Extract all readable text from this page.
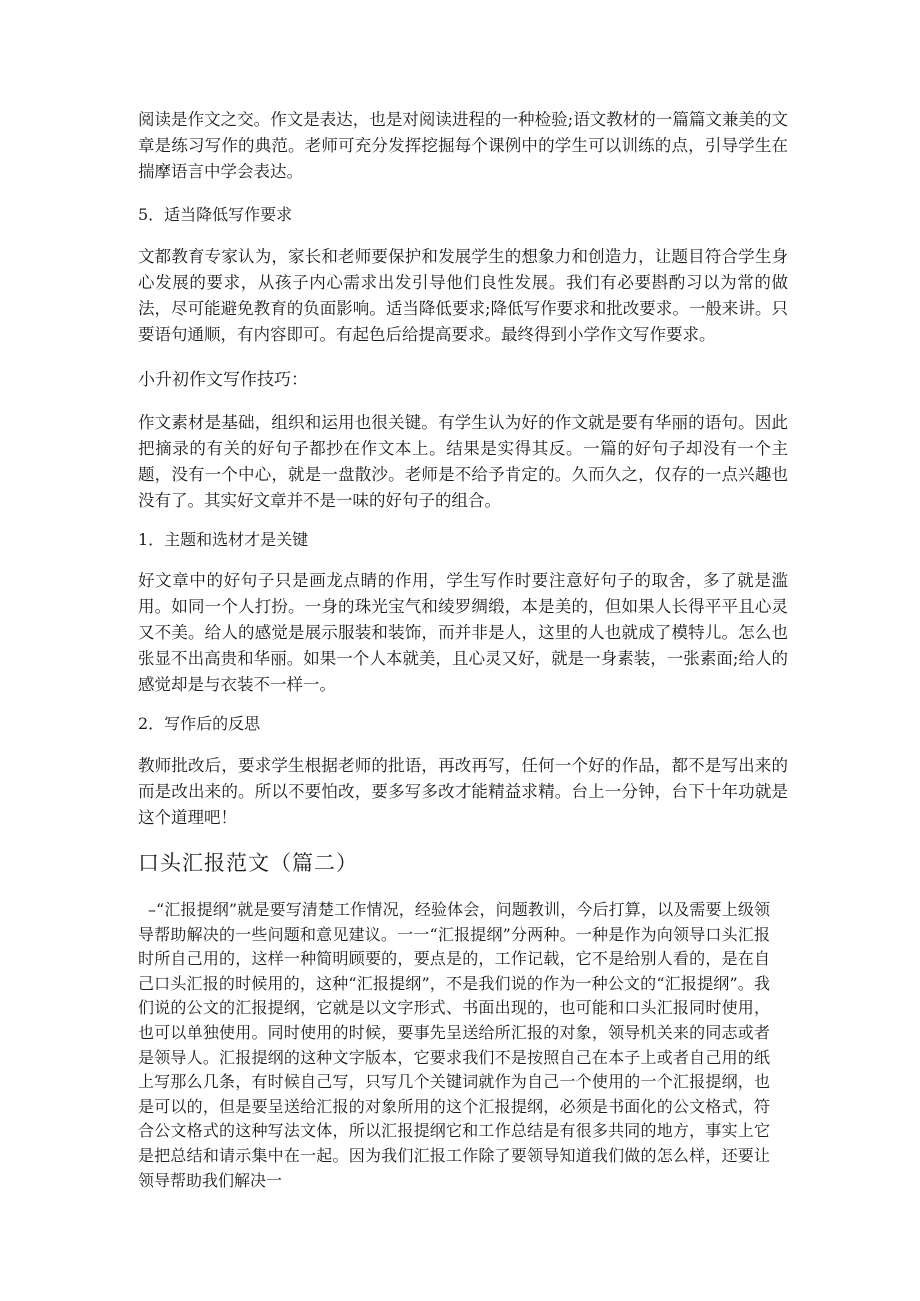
阅读是作文之交。作文是表达，也是对阅读进程的一种检验;语文教材的一篇篇文兼美的文章是练习写作的典范。老师可充分发挥挖掘每个课例中的学生可以训练的点，引导学生在揣摩语言中学会表达。

5．适当降低写作要求

文都教育专家认为，家长和老师要保护和发展学生的想象力和创造力，让题目符合学生身心发展的要求，从孩子内心需求出发引导他们良性发展。我们有必要斟酌习以为常的做法，尽可能避免教育的负面影响。适当降低要求;降低写作要求和批改要求。一般来讲。只要语句通顺，有内容即可。有起色后给提高要求。最终得到小学作文写作要求。

小升初作文写作技巧：

作文素材是基础，组织和运用也很关键。有学生认为好的作文就是要有华丽的语句。因此把摘录的有关的好句子都抄在作文本上。结果是实得其反。一篇的好句子却没有一个主题，没有一个中心，就是一盘散沙。老师是不给予肯定的。久而久之，仅存的一点兴趣也没有了。其实好文章并不是一味的好句子的组合。

1．主题和选材才是关键

好文章中的好句子只是画龙点睛的作用，学生写作时要注意好句子的取舍，多了就是滥用。如同一个人打扮。一身的珠光宝气和绫罗绸缎，本是美的，但如果人长得平平且心灵又不美。给人的感觉是展示服装和装饰，而并非是人，这里的人也就成了模特儿。怎么也张显不出高贵和华丽。如果一个人本就美，且心灵又好，就是一身素装，一张素面;给人的感觉却是与衣装不一样一。

2．写作后的反思

教师批改后，要求学生根据老师的批语，再改再写，任何一个好的作品，都不是写出来的而是改出来的。所以不要怕改，要多写多改才能精益求精。台上一分钟，台下十年功就是这个道理吧！

口头汇报范文（篇二）

–“汇报提纲”就是要写清楚工作情况，经验体会，问题教训，今后打算，以及需要上级领导帮助解决的一些问题和意见建议。一一“汇报提纲”分两种。一种是作为向领导口头汇报时所自己用的，这样一种简明顾要的，要点是的，工作记载，它不是给别人看的，是在自己口头汇报的时候用的，这种“汇报提纲”，不是我们说的作为一种公文的“汇报提纲”。我们说的公文的汇报提纲，它就是以文字形式、书面出现的，也可能和口头汇报同时使用，也可以单独使用。同时使用的时候，要事先呈送给所汇报的对象，领导机关来的同志或者是领导人。汇报提纲的这种文字版本，它要求我们不是按照自己在本子上或者自己用的纸上写那么几条，有时候自己写，只写几个关键词就作为自己一个使用的一个汇报提纲，也是可以的，但是要呈送给汇报的对象所用的这个汇报提纲，必须是书面化的公文格式，符合公文格式的这种写法文体，所以汇报提纲它和工作总结是有很多共同的地方，事实上它是把总结和请示集中在一起。因为我们汇报工作除了要领导知道我们做的怎么样，还要让领导帮助我们解决一
